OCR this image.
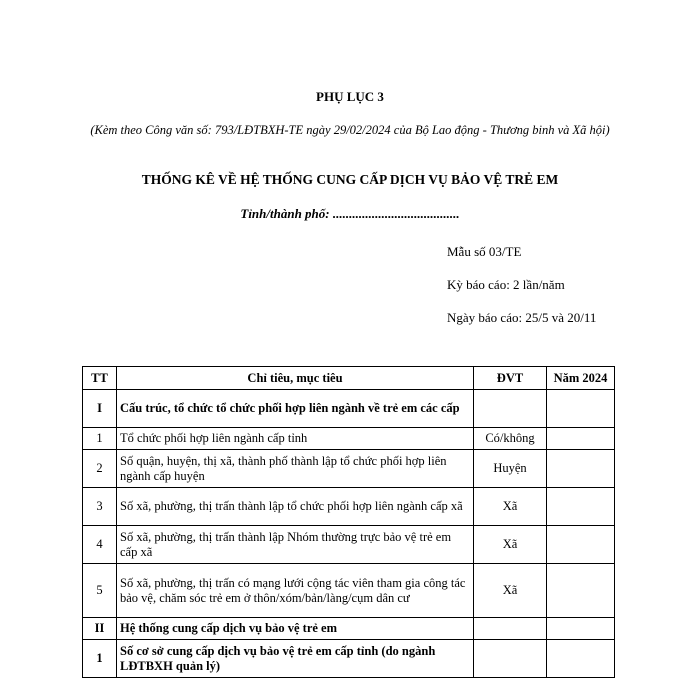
PHỤ LỤC 3
(Kèm theo Công văn số: 793/LĐTBXH-TE ngày 29/02/2024 của Bộ Lao động - Thương binh và Xã hội)
THỐNG KÊ VỀ HỆ THỐNG CUNG CẤP DỊCH VỤ BẢO VỆ TRẺ EM
Tỉnh/thành phố: .......................................
Mẫu số 03/TE
Kỳ báo cáo: 2 lần/năm
Ngày báo cáo: 25/5 và 20/11
TT	Chỉ tiêu, mục tiêu	ĐVT	Năm 2024
I	Cấu trúc, tổ chức tổ chức phối hợp liên ngành về trẻ em các cấp		
1	Tổ chức phối hợp liên ngành cấp tỉnh	Có/không	
2	Số quận, huyện, thị xã, thành phố thành lập tổ chức phối hợp liên ngành cấp huyện	Huyện	
3	Số xã, phường, thị trấn thành lập tổ chức phối hợp liên ngành cấp xã	Xã	
4	Số xã, phường, thị trấn thành lập Nhóm thường trực bảo vệ trẻ em cấp xã	Xã	
5	Số xã, phường, thị trấn có mạng lưới cộng tác viên tham gia công tác bảo vệ, chăm sóc trẻ em ở thôn/xóm/bản/làng/cụm dân cư	Xã	
II	Hệ thống cung cấp dịch vụ bảo vệ trẻ em		
1	Số cơ sở cung cấp dịch vụ bảo vệ trẻ em cấp tỉnh (do ngành LĐTBXH quản lý)		
